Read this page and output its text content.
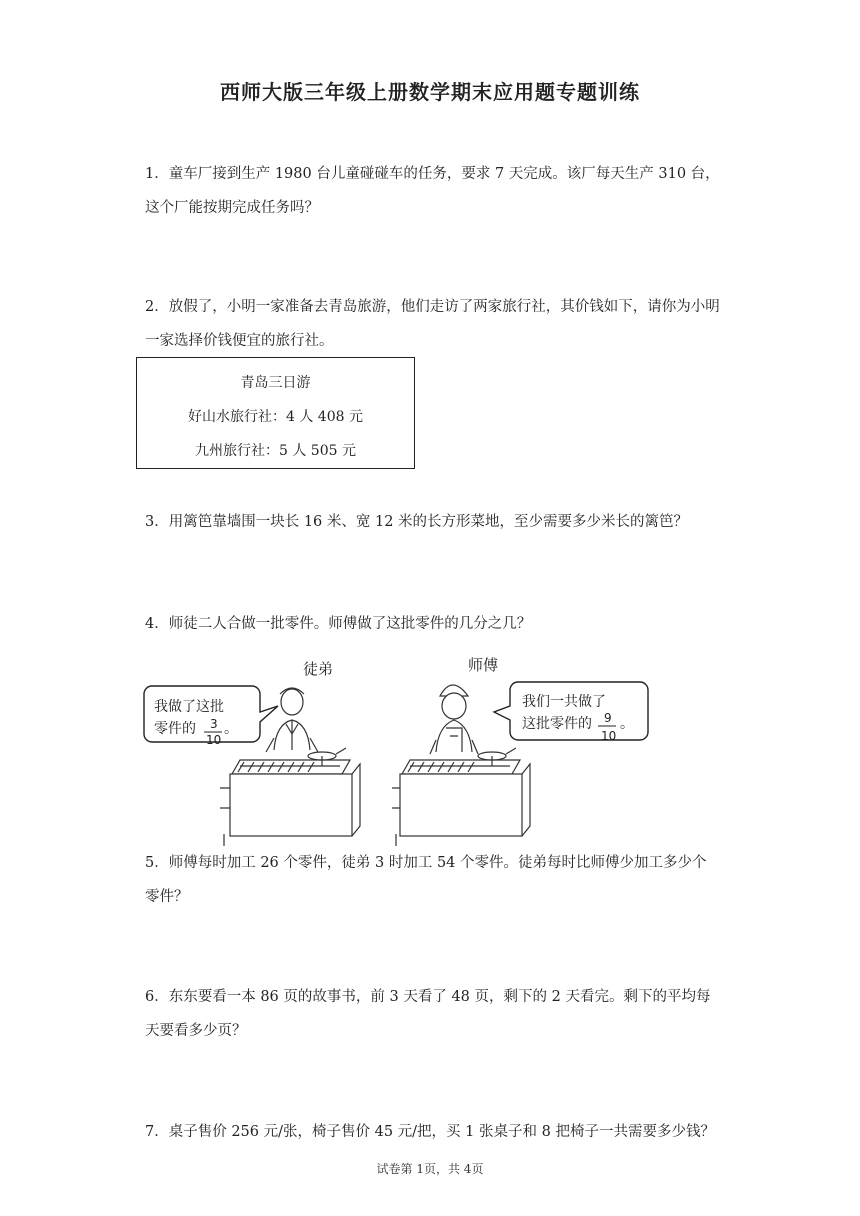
西师大版三年级上册数学期末应用题专题训练
1．童车厂接到生产 1980 台儿童碰碰车的任务，要求 7 天完成。该厂每天生产 310 台，这个厂能按期完成任务吗？
2．放假了，小明一家准备去青岛旅游，他们走访了两家旅行社，其价钱如下，请你为小明一家选择价钱便宜的旅行社。
青岛三日游
好山水旅行社：4 人 408 元
九州旅行社：5 人 505 元
3．用篱笆靠墙围一块长 16 米、宽 12 米的长方形菜地，至少需要多少米长的篱笆？
4．师徒二人合做一批零件。师傅做了这批零件的几分之几？
徒弟	师傅
我做了这批
零件的 3
10
。
我们一共做了
这批零件的 9
10
。
5．师傅每时加工 26 个零件，徒弟 3 时加工 54 个零件。徒弟每时比师傅少加工多少个零件？
6．东东要看一本 86 页的故事书，前 3 天看了 48 页，剩下的 2 天看完。剩下的平均每天要看多少页？
7．桌子售价 256 元/张，椅子售价 45 元/把，买 1 张桌子和 8 把椅子一共需要多少钱？
试卷第 1页，共 4页
